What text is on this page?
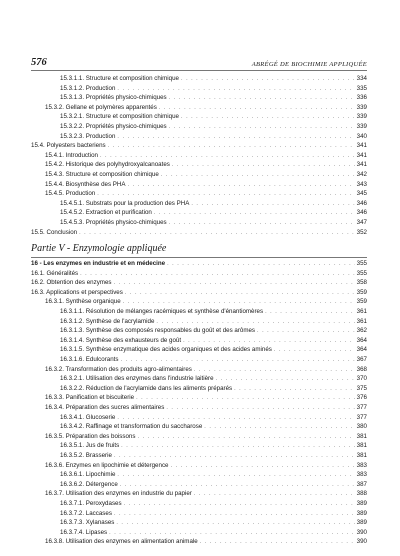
576	ABRÉGÉ DE BIOCHIMIE APPLIQUÉE
15.3.1.1. Structure et composition chimique . . .	334
15.3.1.2. Production . . .	335
15.3.1.3. Propriétés physico-chimiques . . .	336
15.3.2. Gellane et polymères apparentés . . .	339
15.3.2.1. Structure et composition chimique . . .	339
15.3.2.2. Propriétés physico-chimiques . . .	339
15.3.2.3. Production . . .	340
15.4. Polyesters bacteriens . . .	341
15.4.1. Introduction . . .	341
15.4.2. Historique des polyhydroxyalcanoates . . .	341
15.4.3. Structure et composition chimique . . .	342
15.4.4. Biosynthèse des PHA . . .	343
15.4.5. Production . . .	345
15.4.5.1. Substrats pour la production des PHA . . .	346
15.4.5.2. Extraction et purification . . .	346
15.4.5.3. Propriétés physico-chimiques . . .	347
15.5. Conclusion . . .	352
Partie V - Enzymologie appliquée
16 - Les enzymes en industrie et en médecine . . .	355
16.1. Généralités . . .	355
16.2. Obtention des enzymes . . .	358
16.3. Applications et perspectives . . .	359
16.3.1. Synthèse organique . . .	359
16.3.1.1. Résolution de mélanges racémiques et synthèse d'énantiomères . . .	361
16.3.1.2. Synthèse de l'acrylamide . . .	361
16.3.1.3. Synthèse des composés responsables du goût et des arômes . . .	362
16.3.1.4. Synthèse des exhausteurs de goût . . .	364
16.3.1.5. Synthèse enzymatique des acides organiques et des acides aminés . . .	364
16.3.1.6. Edulcorants . . .	367
16.3.2. Transformation des produits agro-alimentaires . . .	368
16.3.2.1. Utilisation des enzymes dans l'industrie laitière . . .	370
16.3.2.2. Réduction de l'acrylamide dans les aliments préparés . . .	375
16.3.3. Panification et biscuiterie . . .	376
16.3.4. Préparation des sucres alimentaires . . .	377
16.3.4.1. Glucoserie . . .	377
16.3.4.2. Raffinage et transformation du saccharose . . .	380
16.3.5. Préparation des boissons . . .	381
16.3.5.1. Jus de fruits . . .	381
16.3.5.2. Brasserie . . .	381
16.3.6. Enzymes en lipochimie et détergence . . .	383
16.3.6.1. Lipochimie . . .	383
16.3.6.2. Détergence . . .	387
16.3.7. Utilisation des enzymes en industrie du papier . . .	388
16.3.7.1. Peroxydases . . .	389
16.3.7.2. Laccases . . .	389
16.3.7.3. Xylanases . . .	389
16.3.7.4. Lipases . . .	390
16.3.8. Utilisation des enzymes en alimentation animale . . .	390
